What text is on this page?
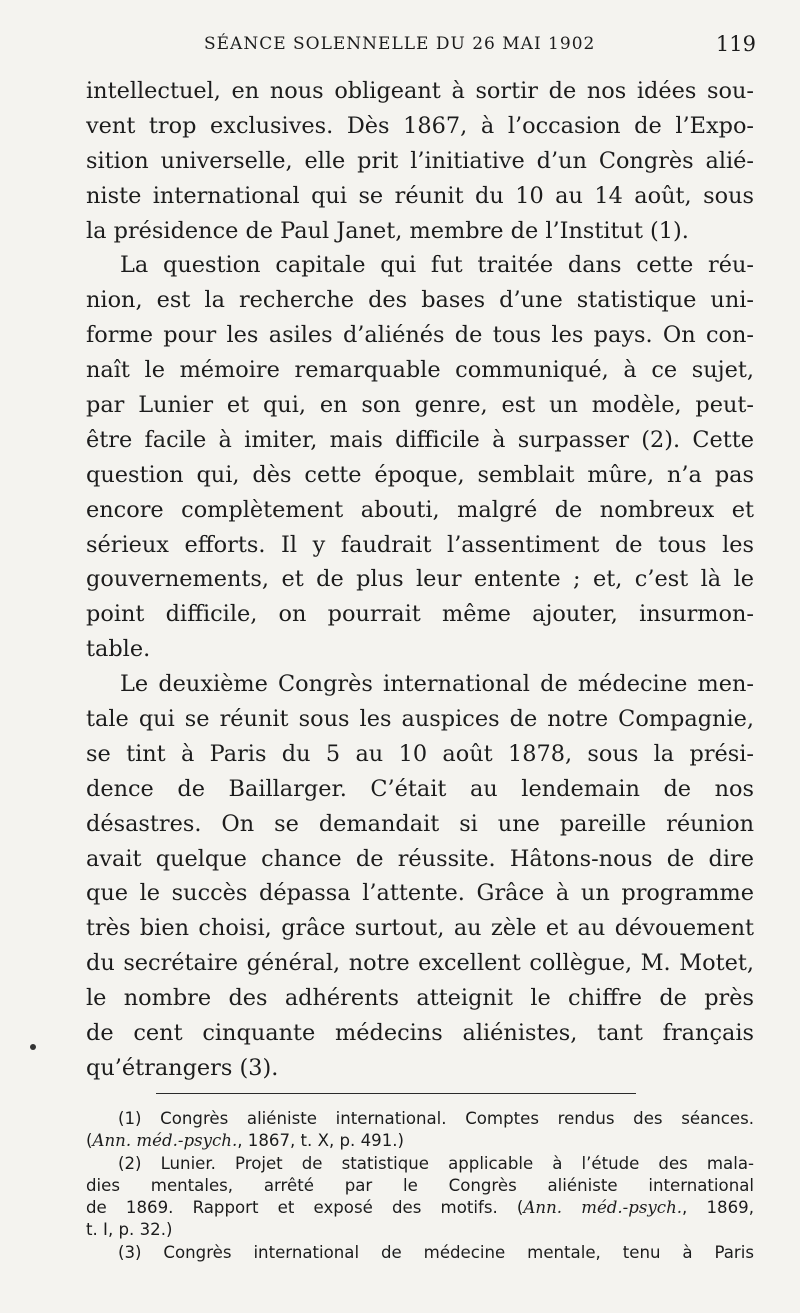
SÉANCE SOLENNELLE DU 26 MAI 1902	119
intellectuel, en nous obligeant à sortir de nos idées sou-
vent trop exclusives. Dès 1867, à l’occasion de l’Expo-
sition universelle, elle prit l’initiative d’un Congrès alié-
niste international qui se réunit du 10 au 14 août, sous
la présidence de Paul Janet, membre de l’Institut (1).
La question capitale qui fut traitée dans cette réu-
nion, est la recherche des bases d’une statistique uni-
forme pour les asiles d’aliénés de tous les pays. On con-
naît le mémoire remarquable communiqué, à ce sujet,
par Lunier et qui, en son genre, est un modèle, peut-
être facile à imiter, mais difficile à surpasser (2). Cette
question qui, dès cette époque, semblait mûre, n’a pas
encore complètement abouti, malgré de nombreux et
sérieux efforts. Il y faudrait l’assentiment de tous les
gouvernements, et de plus leur entente ; et, c’est là le
point difficile, on pourrait même ajouter, insurmon-
table.
Le deuxième Congrès international de médecine men-
tale qui se réunit sous les auspices de notre Compagnie,
se tint à Paris du 5 au 10 août 1878, sous la prési-
dence de Baillarger. C’était au lendemain de nos
désastres. On se demandait si une pareille réunion
avait quelque chance de réussite. Hâtons-nous de dire
que le succès dépassa l’attente. Grâce à un programme
très bien choisi, grâce surtout, au zèle et au dévouement
du secrétaire général, notre excellent collègue, M. Motet,
le nombre des adhérents atteignit le chiffre de près
de cent cinquante médecins aliénistes, tant français
qu’étrangers (3).
(1) Congrès aliéniste international. Comptes rendus des séances.
(Ann. méd.-psych., 1867, t. X, p. 491.)
(2) Lunier. Projet de statistique applicable à l’étude des mala-
dies mentales, arrêté par le Congrès aliéniste international
de 1869. Rapport et exposé des motifs. (Ann. méd.-psych., 1869,
t. I, p. 32.)
(3) Congrès international de médecine mentale, tenu à Paris
